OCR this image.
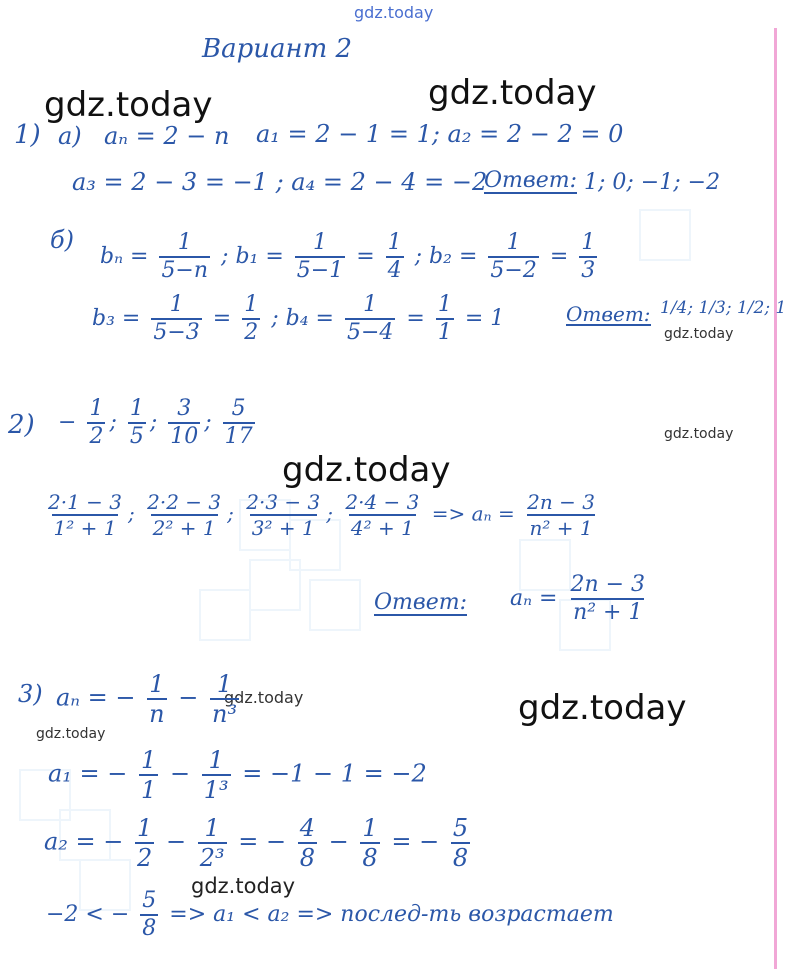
gdz.today
gdz.today	gdz.today
gdz.today
gdz.today
gdz.today
gdz.today	gdz.today
gdz.today
gdz.today
Вариант 2
1) a) aₙ = 2 − n a₁ = 2 − 1 = 1; a₂ = 2 − 2 = 0
a₃ = 2 − 3 = −1 ; a₄ = 2 − 4 = −2
Ответ: 1; 0; −1; −2
б)
$b_n = \frac{1}{5-n}$ ; $b_1 = \frac{1}{5-1} = \frac{1}{4}$ ; $b_2 = \frac{1}{5-2} = \frac{1}{3}$
$b_3 = \frac{1}{5-3} = \frac{1}{2}$ ; $b_4 = \frac{1}{5-4} = \frac{1}{1} = 1$	Ответ: 1/4; 1/3; 1/2; 1
$2) - \frac{1}{2}$ ; $\frac{1}{5}$ ; $\frac{3}{10}$ ; $\frac{5}{17}$
$\frac{2\cdot 1 - 3}{\text{1² + 1}}$ ; $\frac{2\cdot 2 - 3}{\text{2² + 1}}$ ; $\frac{2\cdot 3 - 3}{\text{3² + 1}}$ ; $\frac{2\cdot 4 - 3}{\text{4² + 1}} => a_n = \frac{2n - 3}{\text{n² + 1}}$
Ответ: $a_n = \frac{2n - 3}{\text{n² + 1}}$
3) aₙ = − $\frac{1}{n} - \frac{1}{\text{n³}}$
a₁ = − $\frac{1}{1} - \frac{1}{\text{1³}} = -1 - 1 = -2$
a₂ = − $\frac{1}{2} - \frac{1}{\text{2³}}$ = − $\frac{4}{8} - \frac{1}{8}$ = − $\frac{5}{8}$
−2 < − $\frac{5}{8} => a_1 < a_2$ => послед-ть возрастает
